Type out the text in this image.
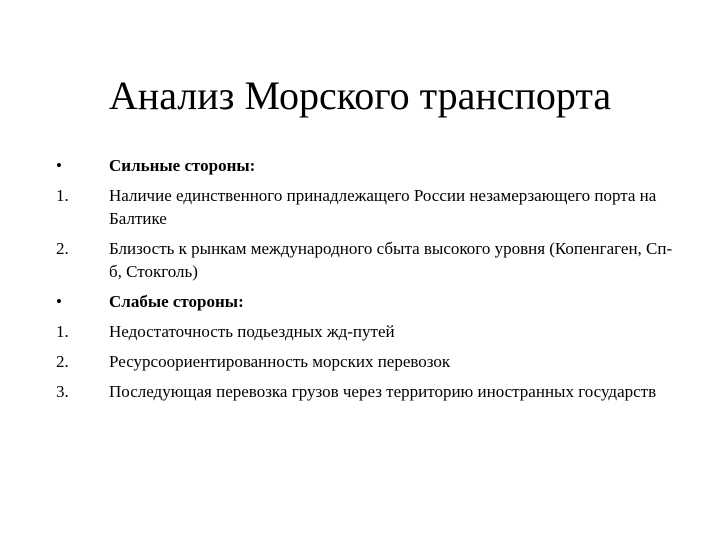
Анализ Морского транспорта
•	Сильные стороны:
1.	Наличие единственного принадлежащего России незамерзающего порта на Балтике
2.	Близость к рынкам международного сбыта высокого уровня (Копенгаген, Сп-б, Стокголь)
•	Слабые стороны:
1.	Недостаточность подьездных жд-путей
2.	Ресурсоориентированность морских перевозок
3.	Последующая перевозка грузов через территорию иностранных государств
